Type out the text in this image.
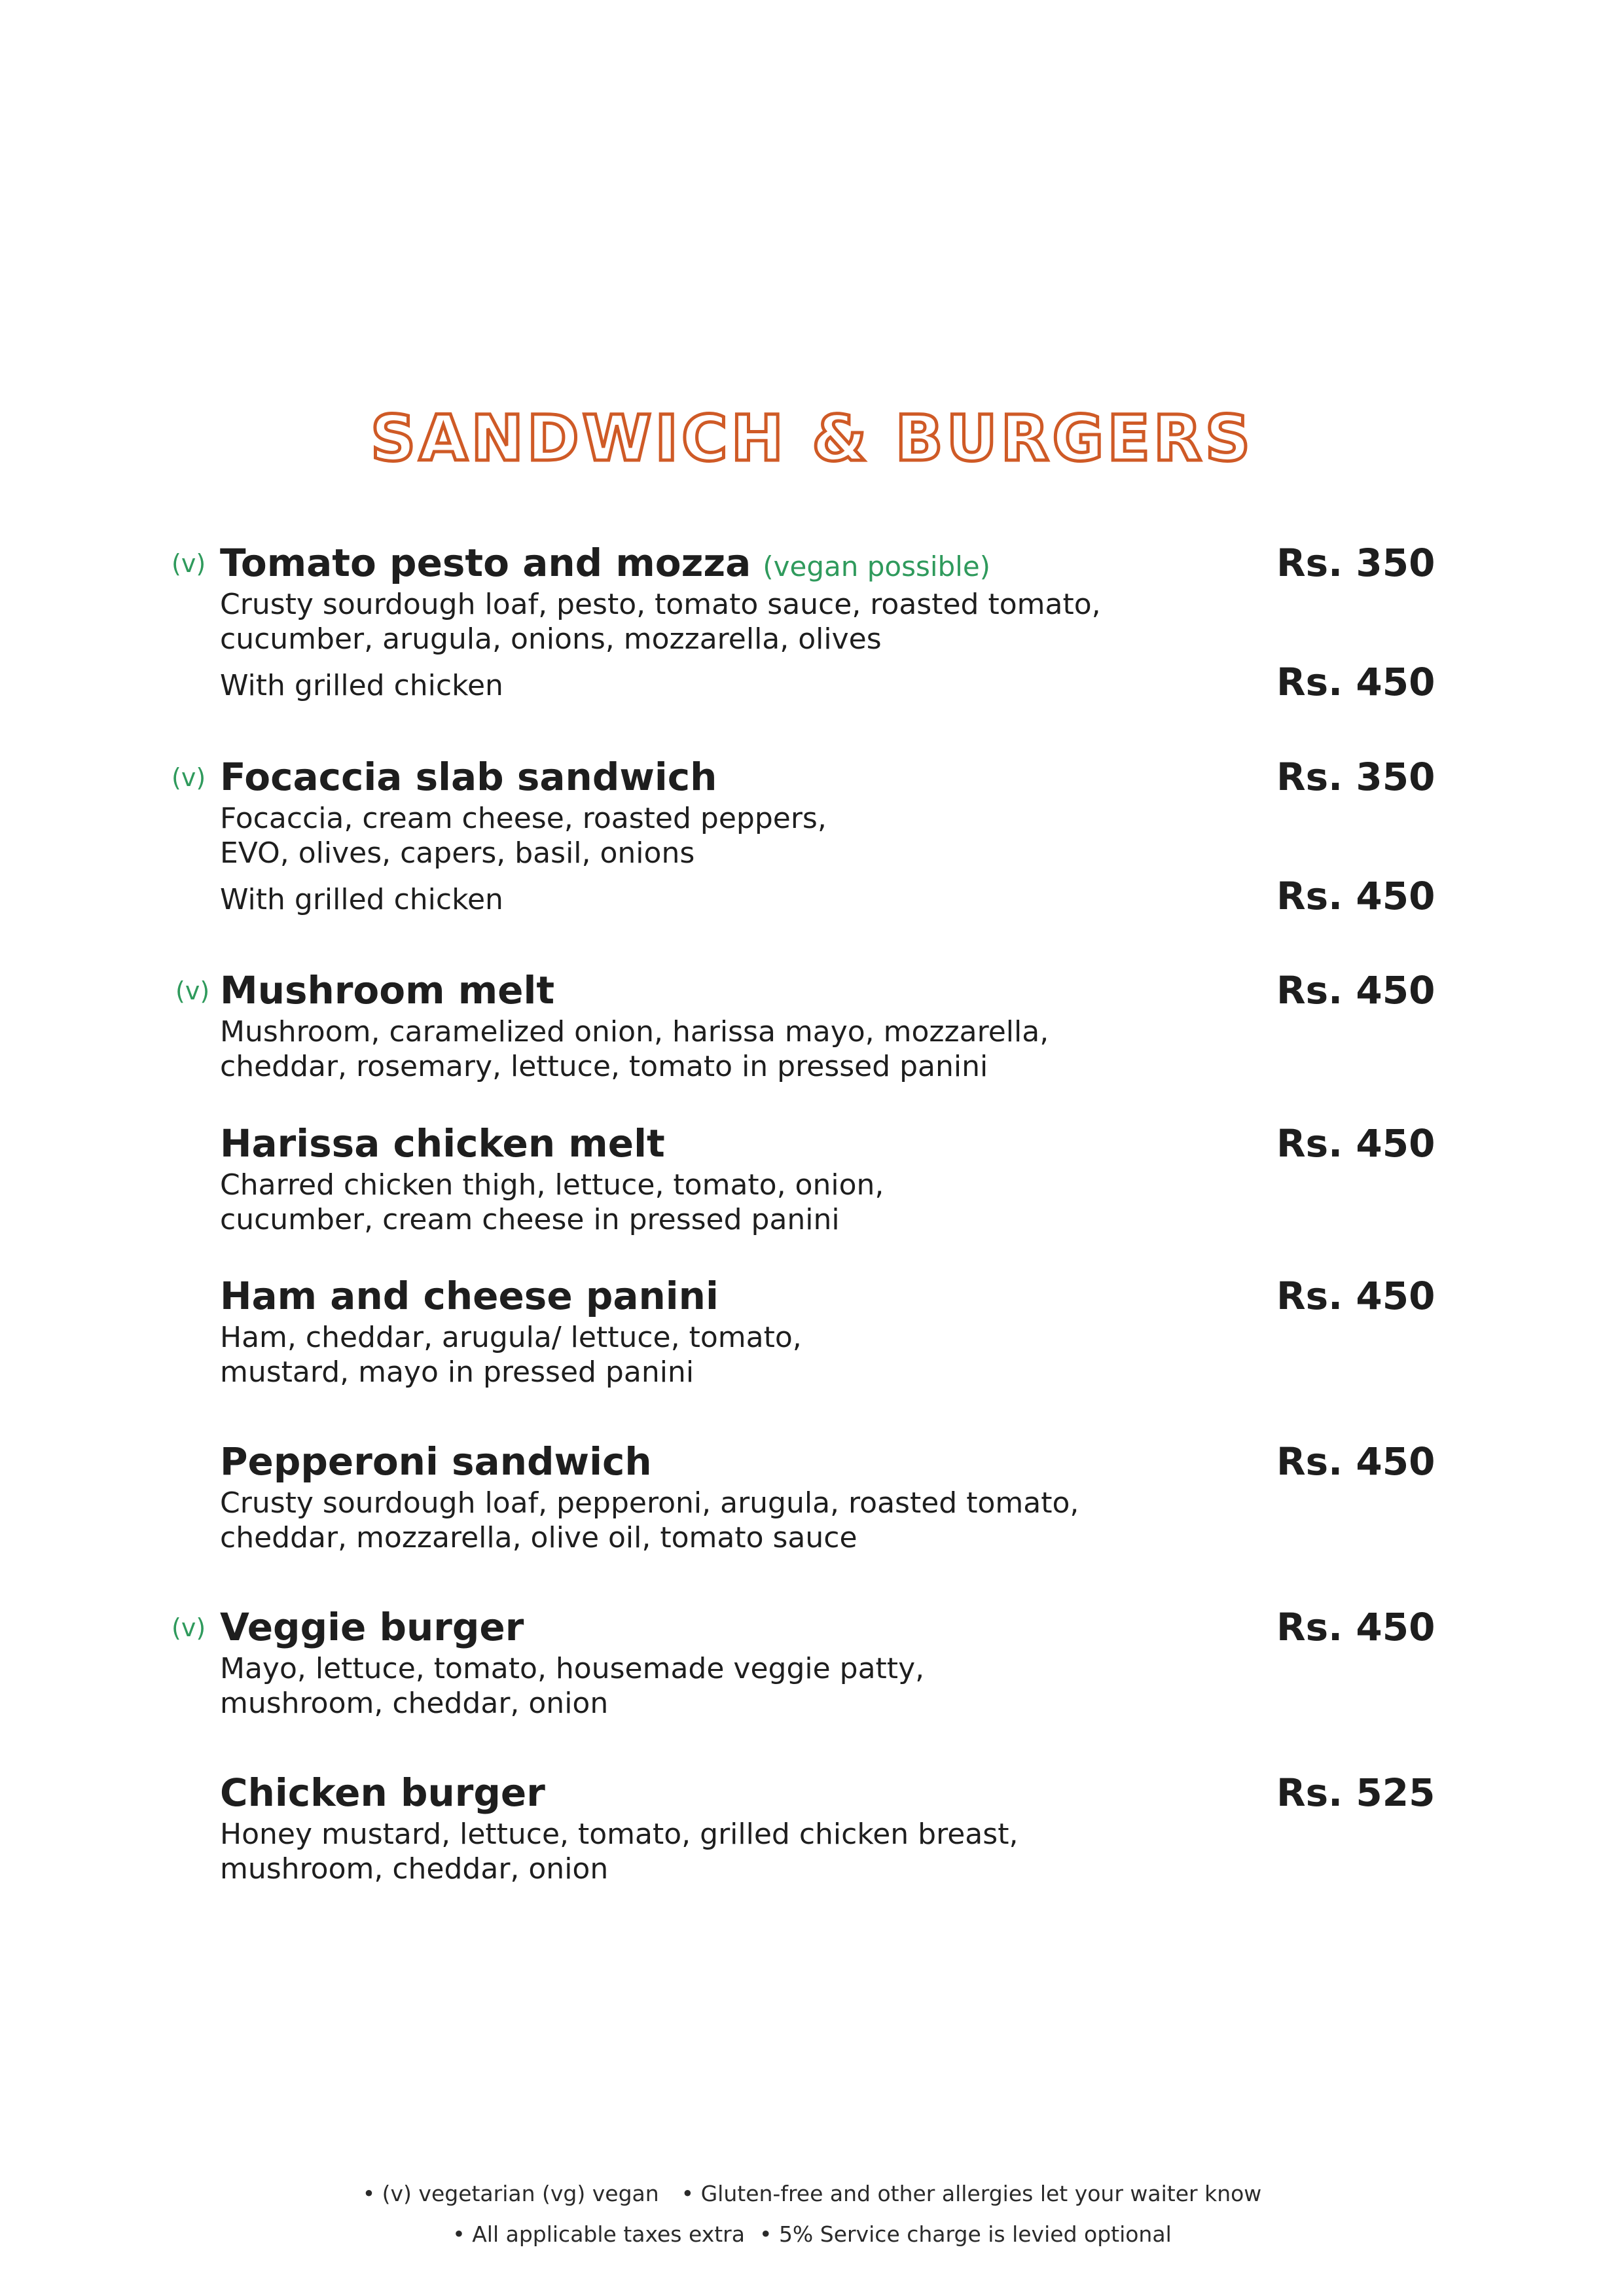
SANDWICH & BURGERS
(v) Tomato pesto and mozza (vegan possible)	Rs. 350
Crusty sourdough loaf, pesto, tomato sauce, roasted tomato,
cucumber, arugula, onions, mozzarella, olives
With grilled chicken	Rs. 450
(v) Focaccia slab sandwich	Rs. 350
Focaccia, cream cheese, roasted peppers,
EVO, olives, capers, basil, onions
With grilled chicken	Rs. 450
(v) Mushroom melt	Rs. 450
Mushroom, caramelized onion, harissa mayo, mozzarella,
cheddar, rosemary, lettuce, tomato in pressed panini
Harissa chicken melt	Rs. 450
Charred chicken thigh, lettuce, tomato, onion,
cucumber, cream cheese in pressed panini
Ham and cheese panini	Rs. 450
Ham, cheddar, arugula/ lettuce, tomato,
mustard, mayo in pressed panini
Pepperoni sandwich	Rs. 450
Crusty sourdough loaf, pepperoni, arugula, roasted tomato,
cheddar, mozzarella, olive oil, tomato sauce
(v) Veggie burger	Rs. 450
Mayo, lettuce, tomato, housemade veggie patty,
mushroom, cheddar, onion
Chicken burger	Rs. 525
Honey mustard, lettuce, tomato, grilled chicken breast,
mushroom, cheddar, onion
• (v) vegetarian (vg) vegan • Gluten-free and other allergies let your waiter know
• All applicable taxes extra • 5% Service charge is levied optional
